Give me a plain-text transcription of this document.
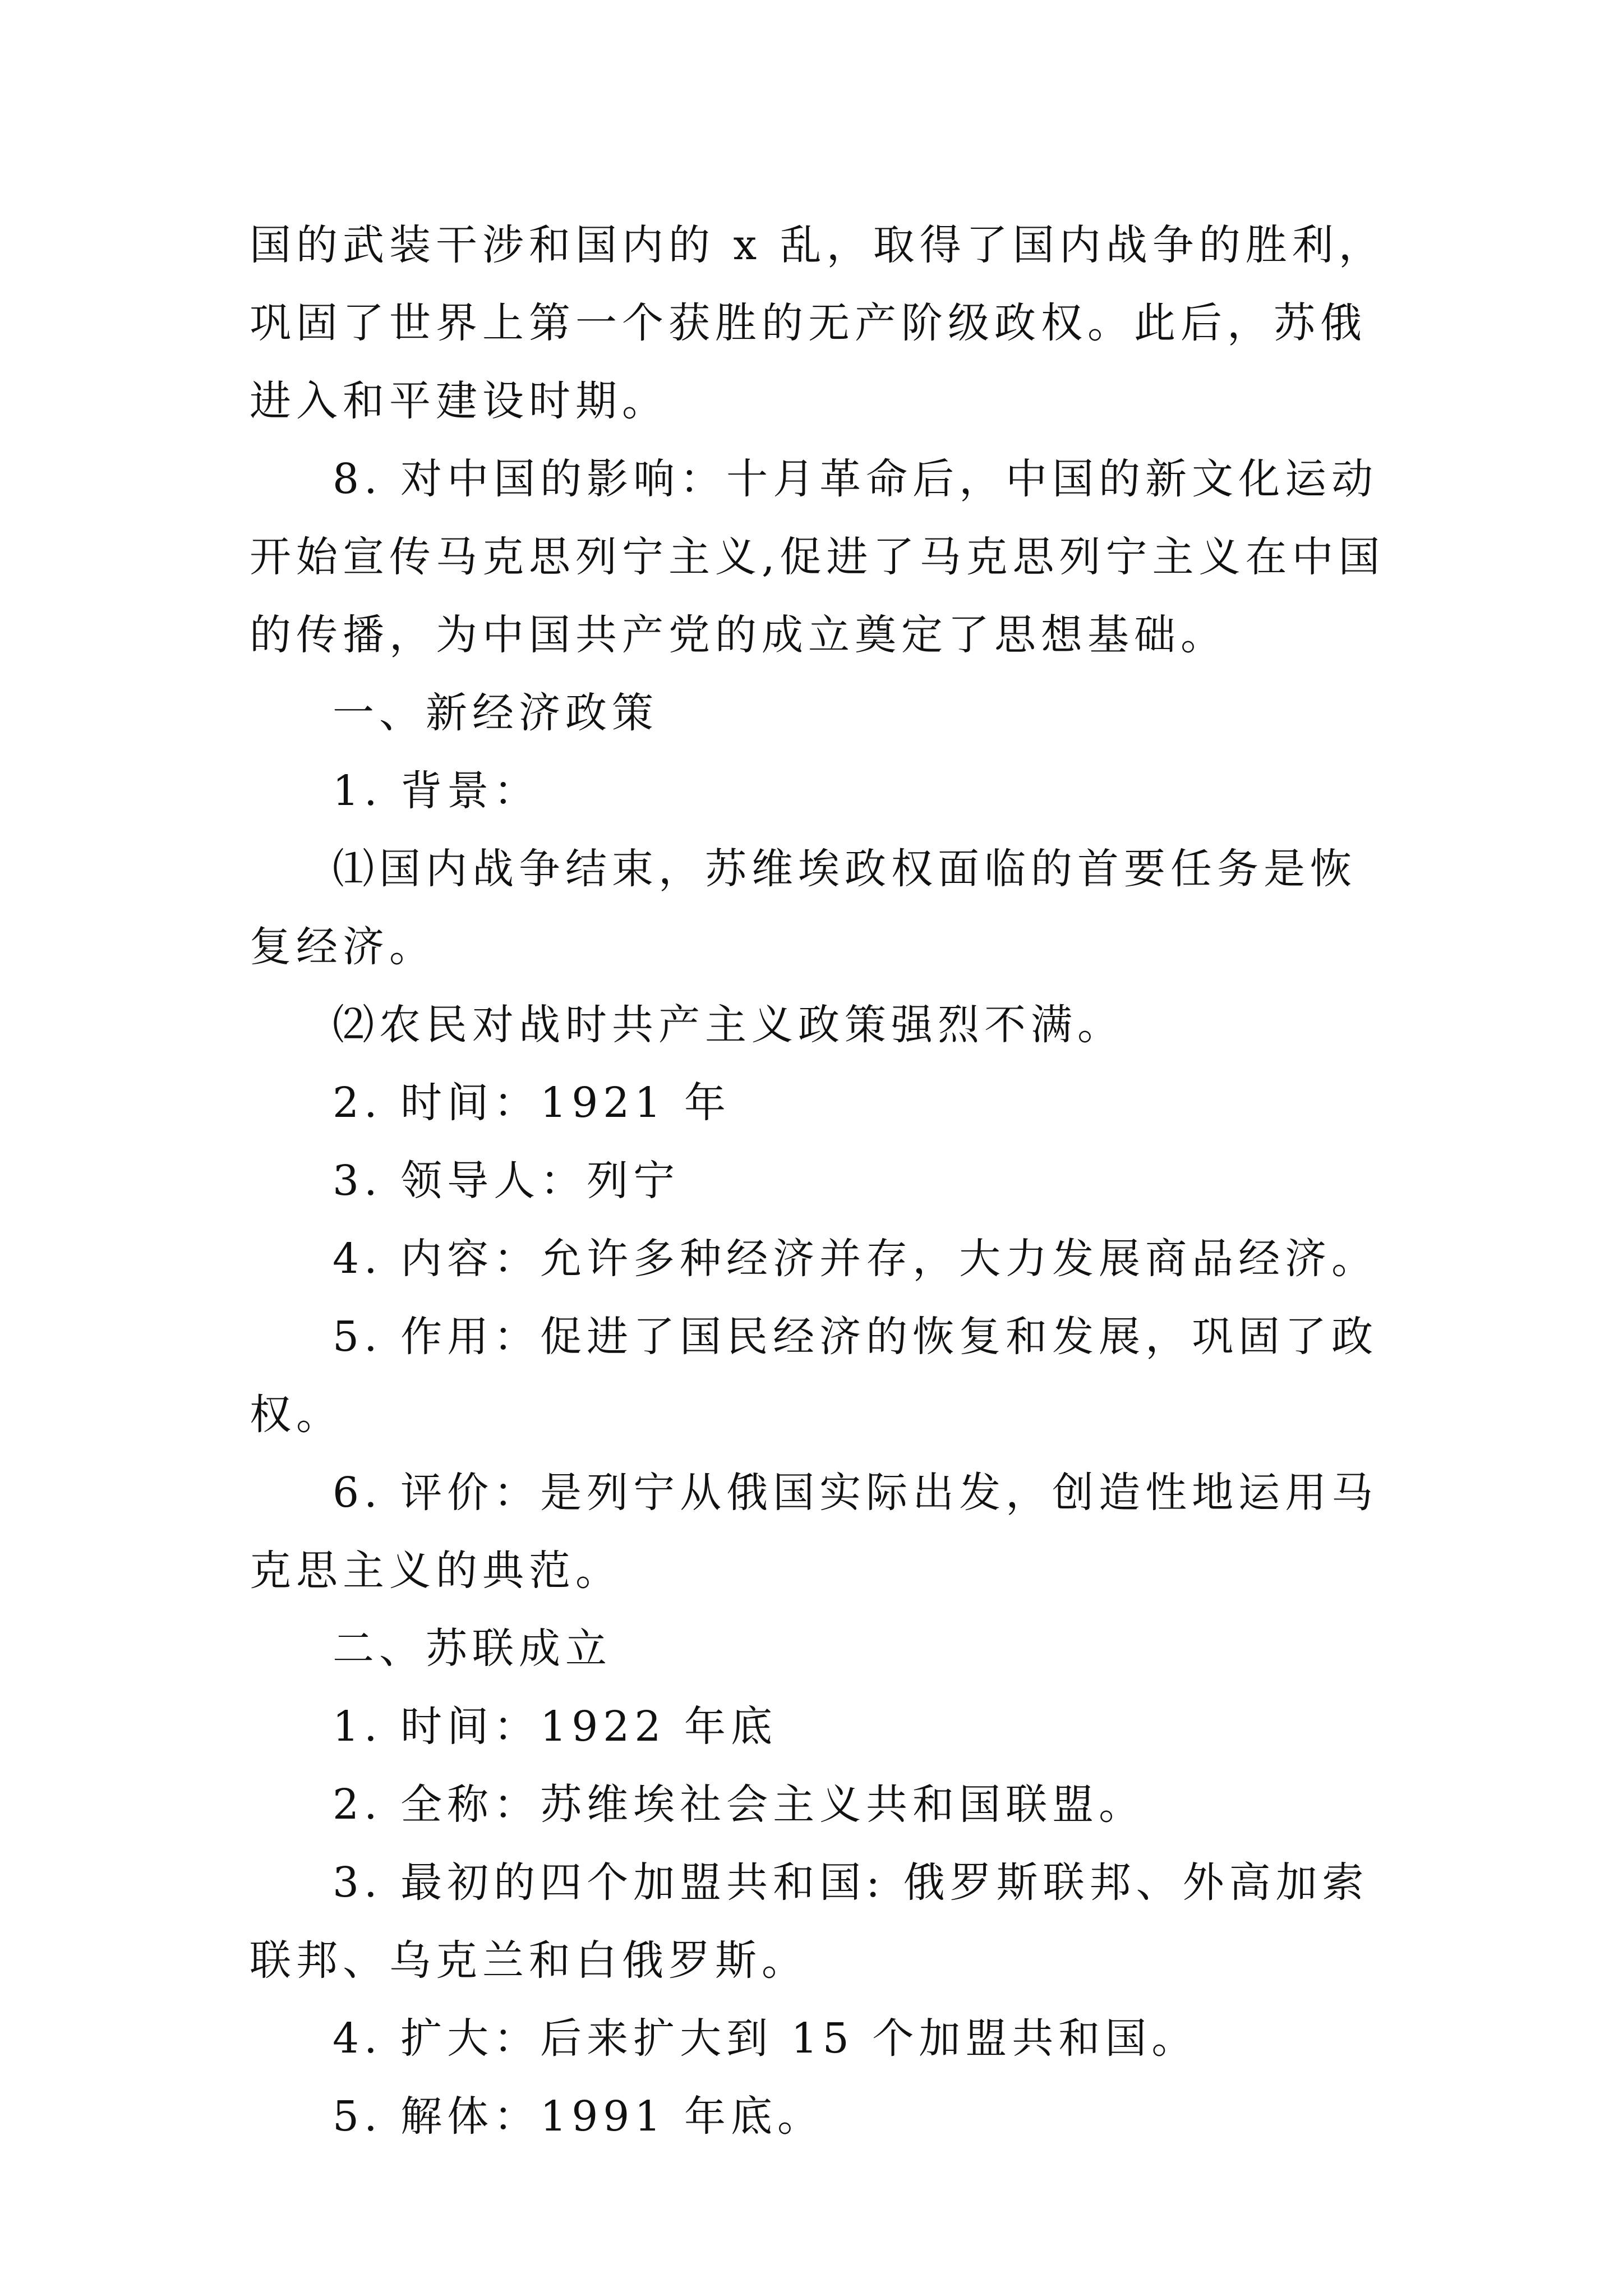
国的武装干涉和国内的 x 乱，取得了国内战争的胜利，巩固了世界上第一个获胜的无产阶级政权。此后，苏俄进入和平建设时期。

8. 对中国的影响：十月革命后，中国的新文化运动开始宣传马克思列宁主义,促进了马克思列宁主义在中国的传播，为中国共产党的成立奠定了思想基础。

一、新经济政策

1. 背景：

⑴国内战争结束，苏维埃政权面临的首要任务是恢复经济。

⑵农民对战时共产主义政策强烈不满。

2. 时间：1921 年

3. 领导人：列宁

4. 内容：允许多种经济并存，大力发展商品经济。

5. 作用：促进了国民经济的恢复和发展，巩固了政权。

6. 评价：是列宁从俄国实际出发，创造性地运用马克思主义的典范。

二、苏联成立

1. 时间：1922 年底

2. 全称：苏维埃社会主义共和国联盟。

3. 最初的四个加盟共和国: 俄罗斯联邦、外高加索联邦、乌克兰和白俄罗斯。

4. 扩大：后来扩大到 15 个加盟共和国。

5. 解体：1991 年底。
